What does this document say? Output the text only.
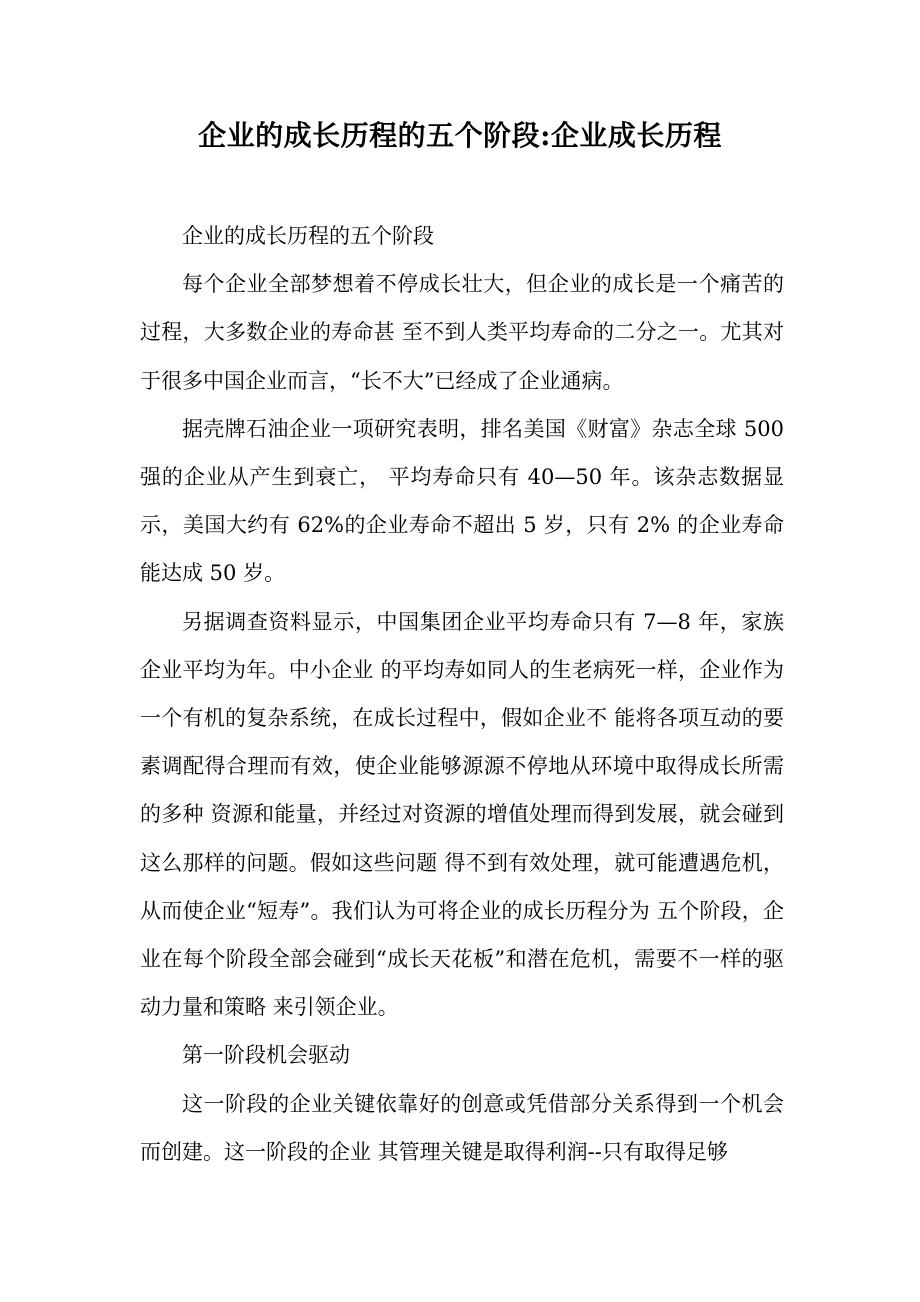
企业的成长历程的五个阶段:企业成长历程

企业的成长历程的五个阶段

每个企业全部梦想着不停成长壮大，但企业的成长是一个痛苦的过程，大多数企业的寿命甚 至不到人类平均寿命的二分之一。尤其对于很多中国企业而言，“长不大”已经成了企业通病。

据壳牌石油企业一项研究表明，排名美国《财富》杂志全球 500 强的企业从产生到衰亡， 平均寿命只有 40—50 年。该杂志数据显示，美国大约有 62%的企业寿命不超出 5 岁，只有 2% 的企业寿命能达成 50 岁。

另据调查资料显示，中国集团企业平均寿命只有 7—8 年，家族企业平均为年。中小企业 的平均寿如同人的生老病死一样，企业作为一个有机的复杂系统，在成长过程中，假如企业不 能将各项互动的要素调配得合理而有效，使企业能够源源不停地从环境中取得成长所需的多种 资源和能量，并经过对资源的增值处理而得到发展，就会碰到这么那样的问题。假如这些问题 得不到有效处理，就可能遭遇危机，从而使企业“短寿”。我们认为可将企业的成长历程分为 五个阶段，企业在每个阶段全部会碰到“成长天花板”和潜在危机，需要不一样的驱动力量和策略 来引领企业。

第一阶段机会驱动

这一阶段的企业关键依靠好的创意或凭借部分关系得到一个机会而创建。这一阶段的企业 其管理关键是取得利润--只有取得足够
